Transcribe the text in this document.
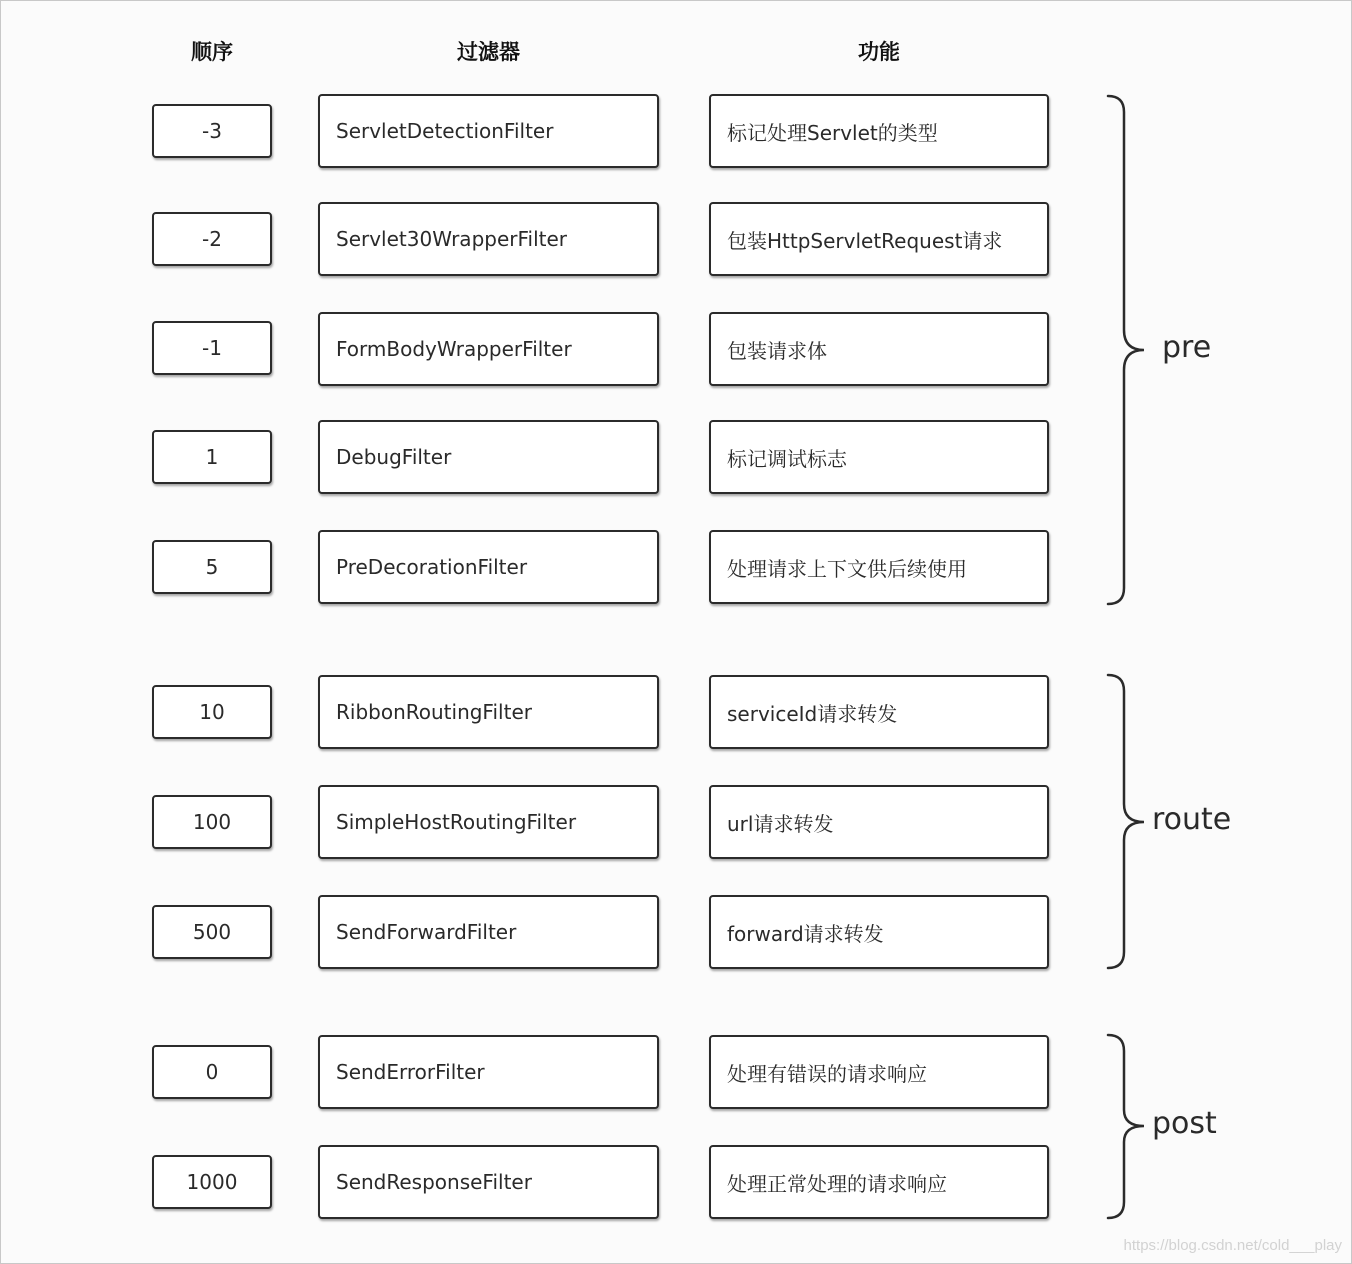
顺序	过滤器	功能
-3	ServletDetectionFilter	标记处理Servlet的类型
-2	Servlet30WrapperFilter	包装HttpServletRequest请求
-1	FormBodyWrapperFilter	包装请求体
1	DebugFilter	标记调试标志
5	PreDecorationFilter	处理请求上下文供后续使用
10	RibbonRoutingFilter	serviceId请求转发
100	SimpleHostRoutingFilter	url请求转发
500	SendForwardFilter	forward请求转发
0	SendErrorFilter	处理有错误的请求响应
1000	SendResponseFilter	处理正常处理的请求响应
pre
route
post
https://blog.csdn.net/cold___play
